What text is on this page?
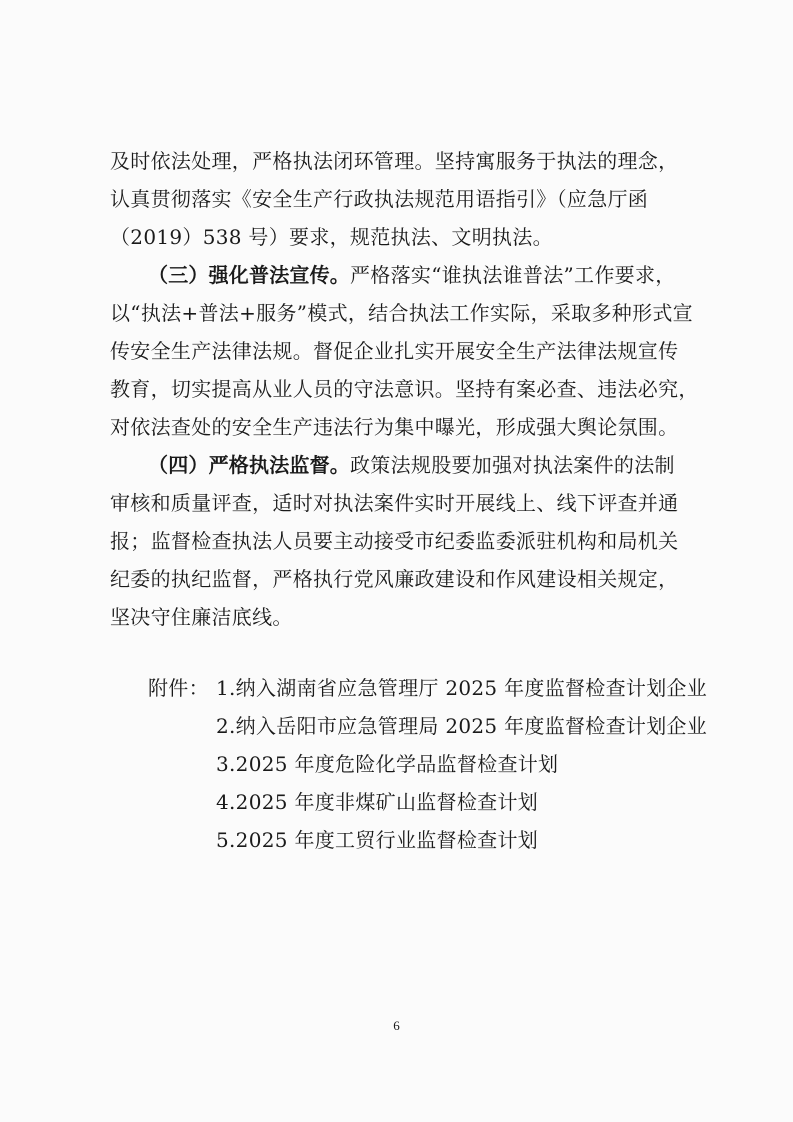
及时依法处理，严格执法闭环管理。坚持寓服务于执法的理念，
认真贯彻落实《安全生产行政执法规范用语指引》（应急厅函
（2019）538 号）要求，规范执法、文明执法。
（三）强化普法宣传。严格落实“谁执法谁普法”工作要求，
以“执法+普法+服务”模式，结合执法工作实际，采取多种形式宣
传安全生产法律法规。督促企业扎实开展安全生产法律法规宣传
教育，切实提高从业人员的守法意识。坚持有案必查、违法必究，
对依法查处的安全生产违法行为集中曝光，形成强大舆论氛围。
（四）严格执法监督。政策法规股要加强对执法案件的法制
审核和质量评查，适时对执法案件实时开展线上、线下评查并通
报；监督检查执法人员要主动接受市纪委监委派驻机构和局机关
纪委的执纪监督，严格执行党风廉政建设和作风建设相关规定，
坚决守住廉洁底线。
附件： 1.纳入湖南省应急管理厅 2025 年度监督检查计划企业
2.纳入岳阳市应急管理局 2025 年度监督检查计划企业
3.2025 年度危险化学品监督检查计划
4.2025 年度非煤矿山监督检查计划
5.2025 年度工贸行业监督检查计划
6
